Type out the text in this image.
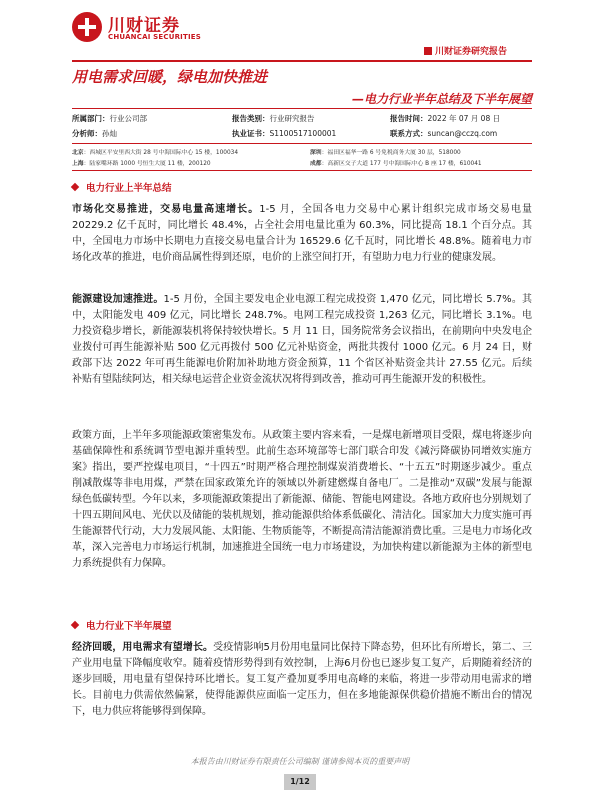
川财证券
CHUANCAI SECURITIES
川财证券研究报告
用电需求回暖，绿电加快推进
—电力行业半年总结及下半年展望
所属部门：行业公司部	报告类别：行业研究报告	报告时间：2022 年 07 月 08 日
分析师：孙灿	执业证书：S1100517100001	联系方式：suncan@cczq.com
北京：西城区平安里西大街 28 号中海国际中心 15 楼，100034	深圳：福田区福华一路 6 号免税商务大厦 30 层，518000
上海：陆家嘴环路 1000 号恒生大厦 11 楼，200120	成都：高新区交子大道 177 号中海国际中心 B 座 17 楼，610041
电力行业上半年总结
市场化交易推进，交易电量高速增长。1-5 月，全国各电力交易中心累计组织完成市场交易电量 20229.2 亿千瓦时，同比增长 48.4%，占全社会用电量比重为 60.3%，同比提高 18.1 个百分点。其中，全国电力市场中长期电力直接交易电量合计为 16529.6 亿千瓦时，同比增长 48.8%。随着电力市场化改革的推进，电价商品属性得到还原，电价的上涨空间打开，有望助力电力行业的健康发展。
能源建设加速推进。1-5 月份，全国主要发电企业电源工程完成投资 1,470 亿元，同比增长 5.7%。其中，太阳能发电 409 亿元，同比增长 248.7%。电网工程完成投资 1,263 亿元，同比增长 3.1%。电力投资稳步增长，新能源装机将保持较快增长。5 月 11 日，国务院常务会议指出，在前期向中央发电企业拨付可再生能源补贴 500 亿元再拨付 500 亿元补贴资金，两批共拨付 1000 亿元。6 月 24 日，财政部下达 2022 年可再生能源电价附加补助地方资金预算，11 个省区补贴资金共计 27.55 亿元。后续补贴有望陆续阿达，相关绿电运营企业资金流状况将得到改善，推动可再生能源开发的积极性。
政策方面，上半年多项能源政策密集发布。从政策主要内容来看，一是煤电新增项目受限，煤电将逐步向基础保障性和系统调节型电源并重转型。此前生态环境部等七部门联合印发《减污降碳协同增效实施方案》指出，要严控煤电项目，“十四五”时期严格合理控制煤炭消费增长、“十五五”时期逐步减少。重点削减散煤等非电用煤，严禁在国家政策允许的领域以外新建燃煤自备电厂。二是推动“双碳”发展与能源绿色低碳转型。今年以来，多项能源政策提出了新能源、储能、智能电网建设。各地方政府也分别规划了十四五期间风电、光伏以及储能的装机规划，推动能源供给体系低碳化、清洁化。国家加大力度实施可再生能源替代行动，大力发展风能、太阳能、生物质能等，不断提高清洁能源消费比重。三是电力市场化改革，深入完善电力市场运行机制，加速推进全国统一电力市场建设，为加快构建以新能源为主体的新型电力系统提供有力保障。
电力行业下半年展望
经济回暖，用电需求有望增长。受疫情影响5月份用电量同比保持下降态势，但环比有所增长，第二、三产业用电量下降幅度收窄。随着疫情形势得到有效控制，上海6月份也已逐步复工复产，后期随着经济的逐步回暖，用电量有望保持环比增长。复工复产叠加夏季用电高峰的来临，将进一步带动用电需求的增长。目前电力供需依然偏紧，使得能源供应面临一定压力，但在多地能源保供稳价措施不断出台的情况下，电力供应将能够得到保障。
本报告由川财证券有限责任公司编制 谨请参阅本页的重要声明
1/12
